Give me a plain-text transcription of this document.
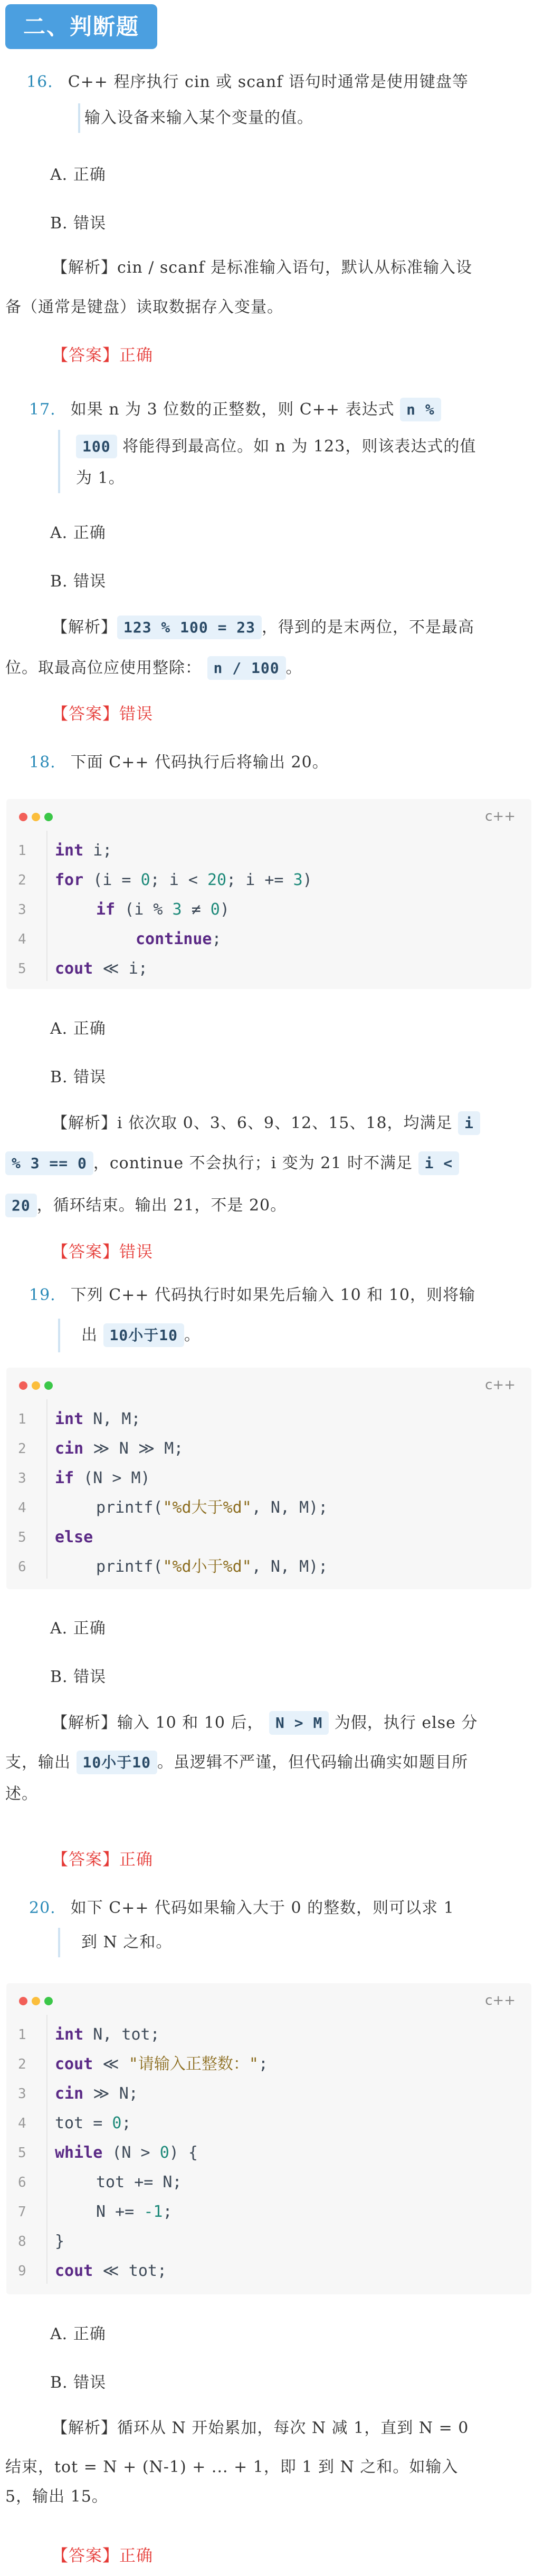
二、判断题
16. C++ 程序执行 cin 或 scanf 语句时通常是使用键盘等
输入设备来输入某个变量的值。
A. 正确
B. 错误
【解析】cin / scanf 是标准输入语句，默认从标准输入设
备（通常是键盘）读取数据存入变量。
【答案】正确
17. 如果 n 为 3 位数的正整数，则 C++ 表达式 n %
100 将能得到最高位。如 n 为 123，则该表达式的值
为 1。
A. 正确
B. 错误
【解析】 123 % 100 = 23 ，得到的是末两位，不是最高
位。取最高位应使用整除： n / 100 。
【答案】错误
18. 下面 C++ 代码执行后将输出 20。
c++
1	int i;
2	for (i = 0; i < 20; i += 3)
3	if (i % 3 ≠ 0)
4	continue;
5	cout ≪ i;
A. 正确
B. 错误
【解析】i 依次取 0、3、6、9、12、15、18，均满足 i
% 3 == 0 ，continue 不会执行；i 变为 21 时不满足 i <
20 ，循环结束。输出 21，不是 20。
【答案】错误
19. 下列 C++ 代码执行时如果先后输入 10 和 10，则将输
出 10小于10 。
c++
1	int N, M;
2	cin ≫ N ≫ M;
3	if (N > M)
4	printf("%d大于%d", N, M);
5	else
6	printf("%d小于%d", N, M);
A. 正确
B. 错误
【解析】输入 10 和 10 后， N > M 为假，执行 else 分
支，输出 10小于10 。虽逻辑不严谨，但代码输出确实如题目所
述。
【答案】正确
20. 如下 C++ 代码如果输入大于 0 的整数，则可以求 1
到 N 之和。
c++
1	int N, tot;
2	cout ≪ "请输入正整数：";
3	cin ≫ N;
4	tot = 0;
5	while (N > 0) {
6	tot += N;
7	N += -1;
8	}
9	cout ≪ tot;
A. 正确
B. 错误
【解析】循环从 N 开始累加，每次 N 减 1，直到 N = 0
结束，tot = N + (N-1) + ... + 1，即 1 到 N 之和。如输入
5，输出 15。
【答案】正确
